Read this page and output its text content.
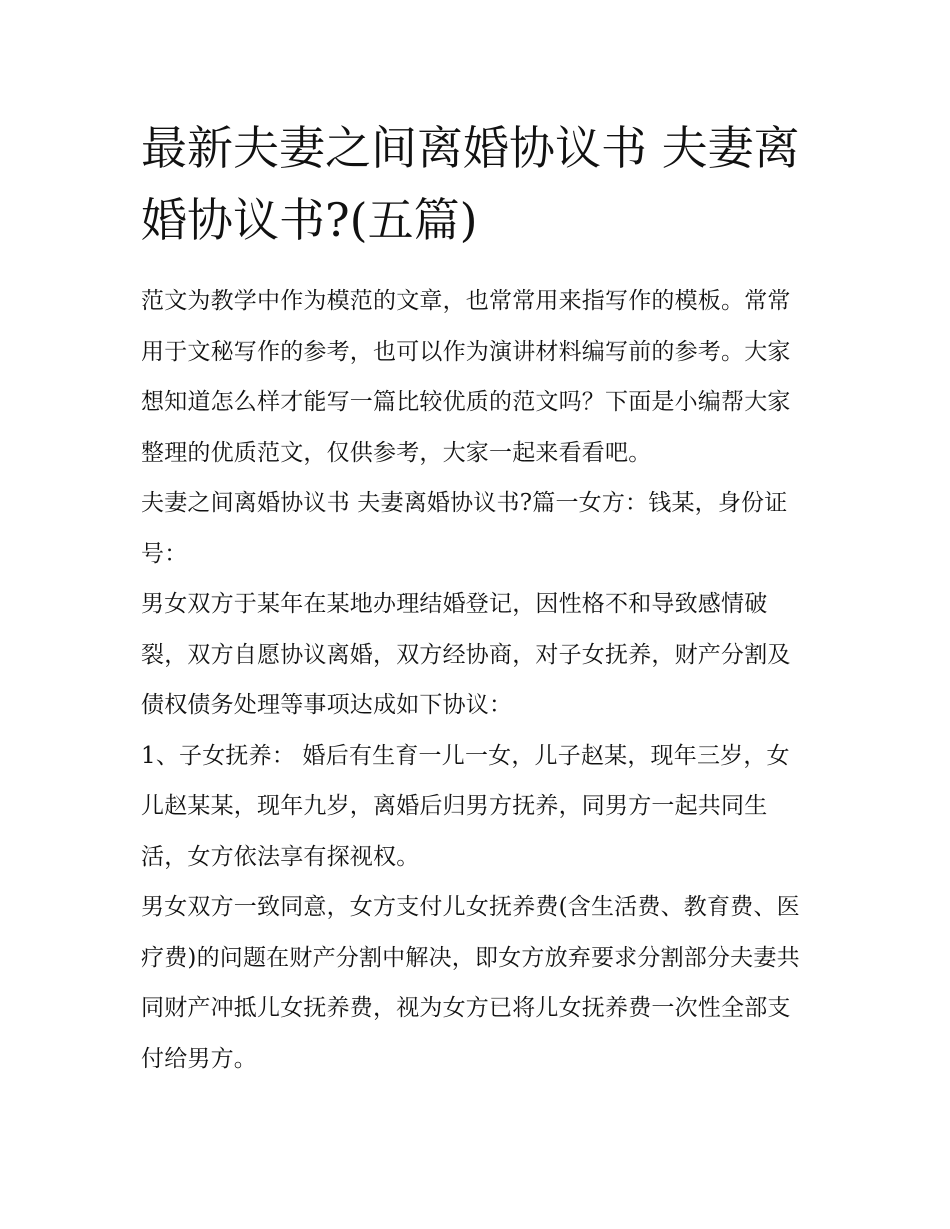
最新夫妻之间离婚协议书 夫妻离婚协议书?(五篇)

范文为教学中作为模范的文章，也常常用来指写作的模板。常常用于文秘写作的参考，也可以作为演讲材料编写前的参考。大家想知道怎么样才能写一篇比较优质的范文吗？下面是小编帮大家整理的优质范文，仅供参考，大家一起来看看吧。

夫妻之间离婚协议书 夫妻离婚协议书?篇一女方：钱某，身份证号：

男女双方于某年在某地办理结婚登记，因性格不和导致感情破裂，双方自愿协议离婚，双方经协商，对子女抚养，财产分割及债权债务处理等事项达成如下协议：

1、子女抚养： 婚后有生育一儿一女，儿子赵某，现年三岁，女儿赵某某，现年九岁，离婚后归男方抚养，同男方一起共同生活，女方依法享有探视权。

男女双方一致同意，女方支付儿女抚养费(含生活费、教育费、医疗费)的问题在财产分割中解决，即女方放弃要求分割部分夫妻共同财产冲抵儿女抚养费，视为女方已将儿女抚养费一次性全部支付给男方。
